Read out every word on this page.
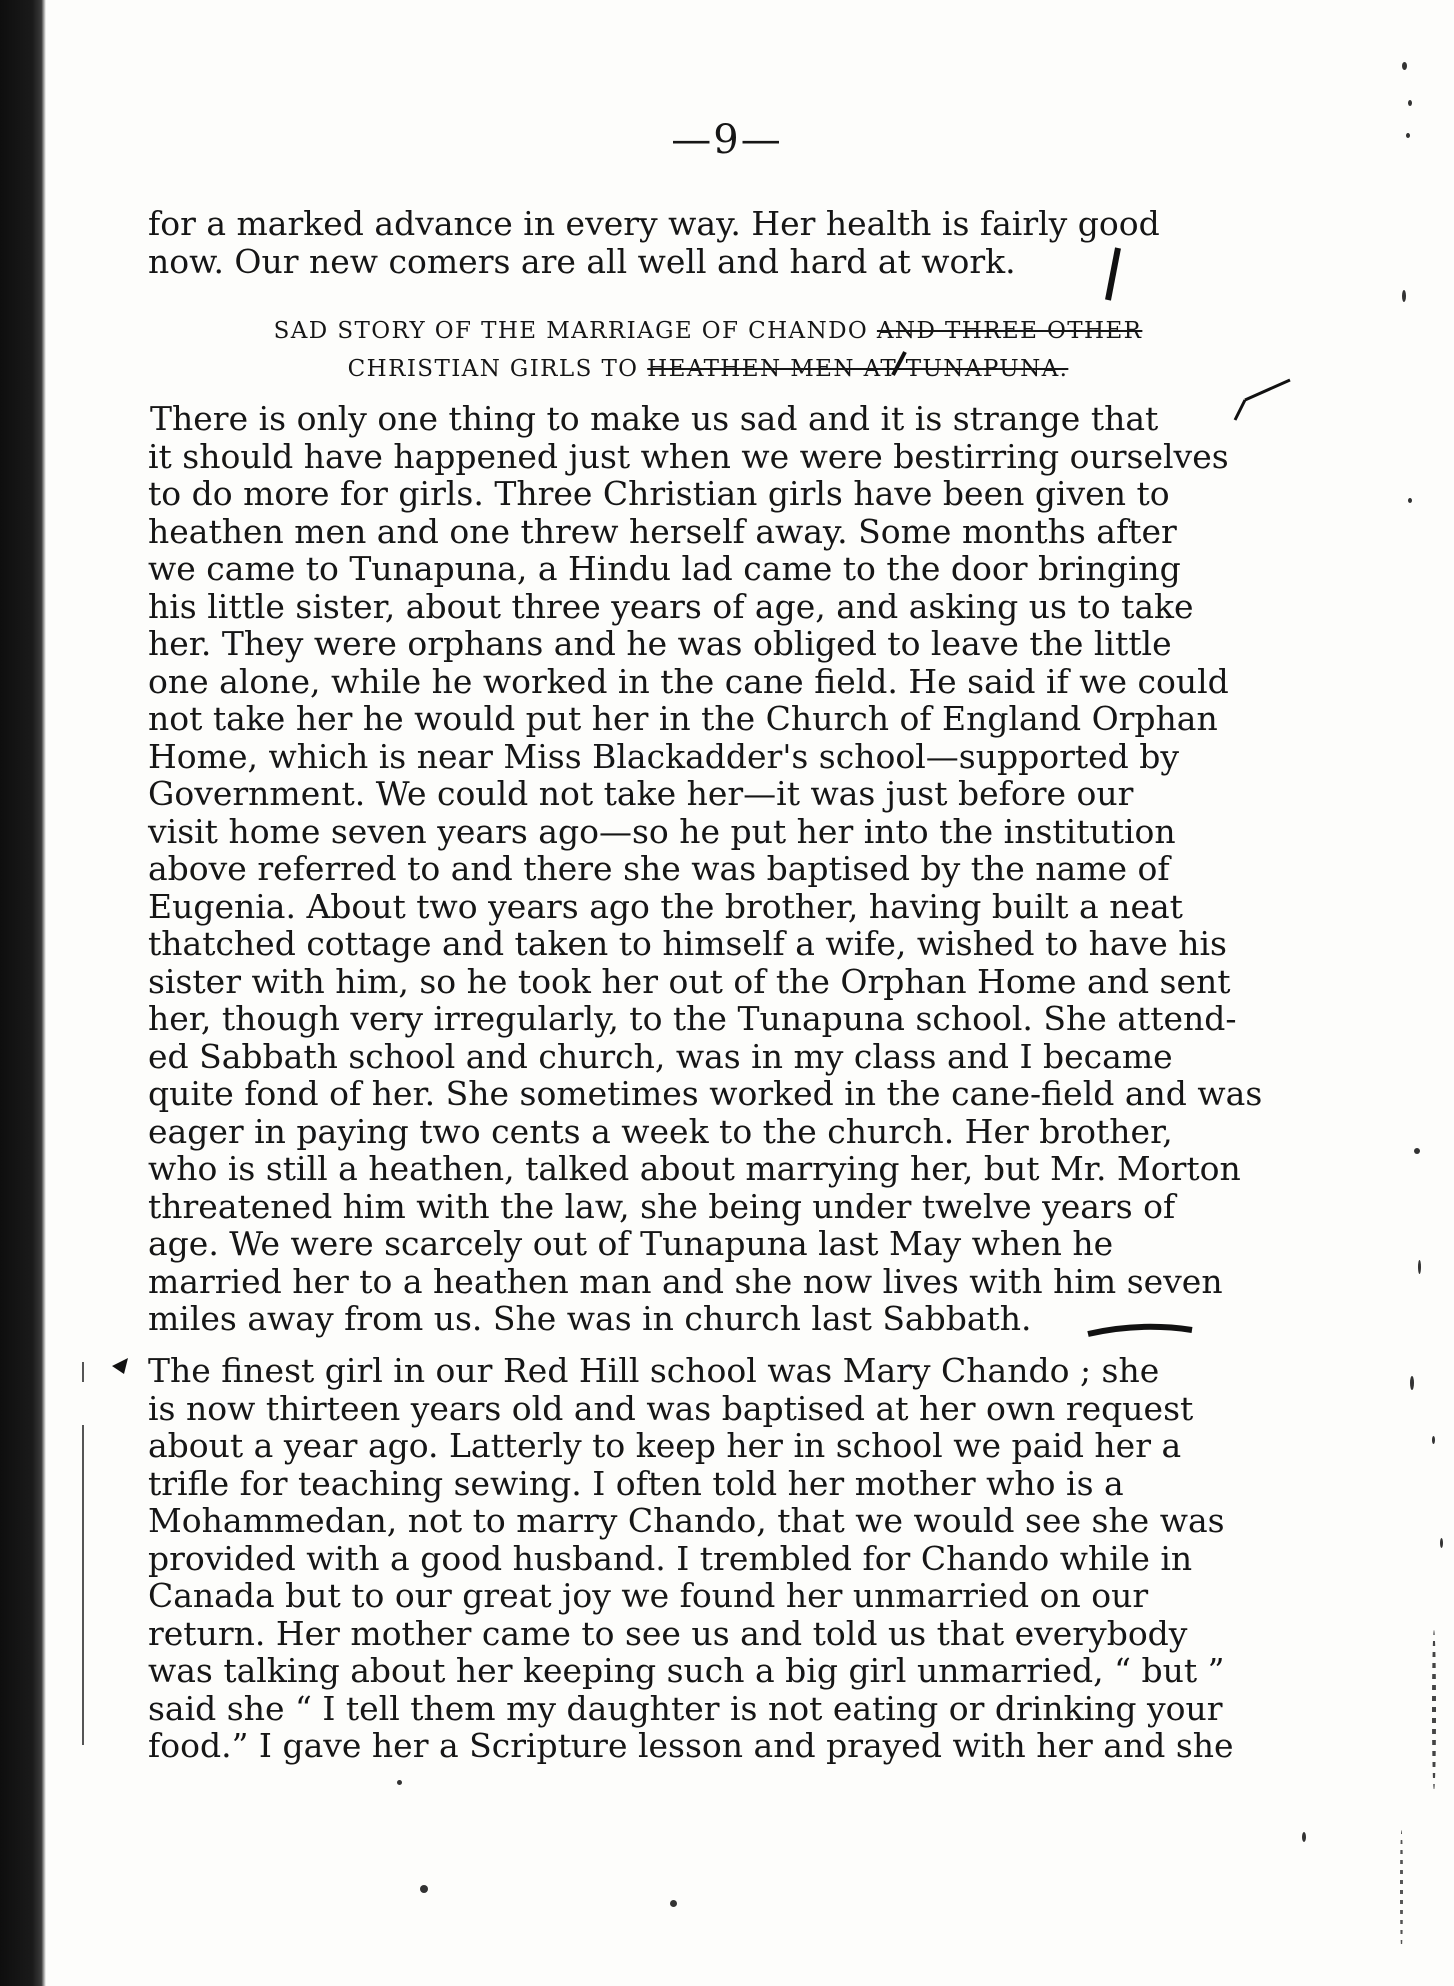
—9—
for a marked advance in every way. Her health is fairly good
now. Our new comers are all well and hard at work.
SAD STORY OF THE MARRIAGE OF CHANDO AND THREE OTHER
CHRISTIAN GIRLS TO HEATHEN MEN AT TUNAPUNA.
There is only one thing to make us sad and it is strange that
it should have happened just when we were bestirring ourselves
to do more for girls. Three Christian girls have been given to
heathen men and one threw herself away. Some months after
we came to Tunapuna, a Hindu lad came to the door bringing
his little sister, about three years of age, and asking us to take
her. They were orphans and he was obliged to leave the little
one alone, while he worked in the cane field. He said if we could
not take her he would put her in the Church of England Orphan
Home, which is near Miss Blackadder's school—supported by
Government. We could not take her—it was just before our
visit home seven years ago—so he put her into the institution
above referred to and there she was baptised by the name of
Eugenia. About two years ago the brother, having built a neat
thatched cottage and taken to himself a wife, wished to have his
sister with him, so he took her out of the Orphan Home and sent
her, though very irregularly, to the Tunapuna school. She attend-
ed Sabbath school and church, was in my class and I became
quite fond of her. She sometimes worked in the cane-field and was
eager in paying two cents a week to the church. Her brother,
who is still a heathen, talked about marrying her, but Mr. Morton
threatened him with the law, she being under twelve years of
age. We were scarcely out of Tunapuna last May when he
married her to a heathen man and she now lives with him seven
miles away from us. She was in church last Sabbath.
The finest girl in our Red Hill school was Mary Chando ; she
is now thirteen years old and was baptised at her own request
about a year ago. Latterly to keep her in school we paid her a
trifle for teaching sewing. I often told her mother who is a
Mohammedan, not to marry Chando, that we would see she was
provided with a good husband. I trembled for Chando while in
Canada but to our great joy we found her unmarried on our
return. Her mother came to see us and told us that everybody
was talking about her keeping such a big girl unmarried, “ but ”
said she “ I tell them my daughter is not eating or drinking your
food.” I gave her a Scripture lesson and prayed with her and she
